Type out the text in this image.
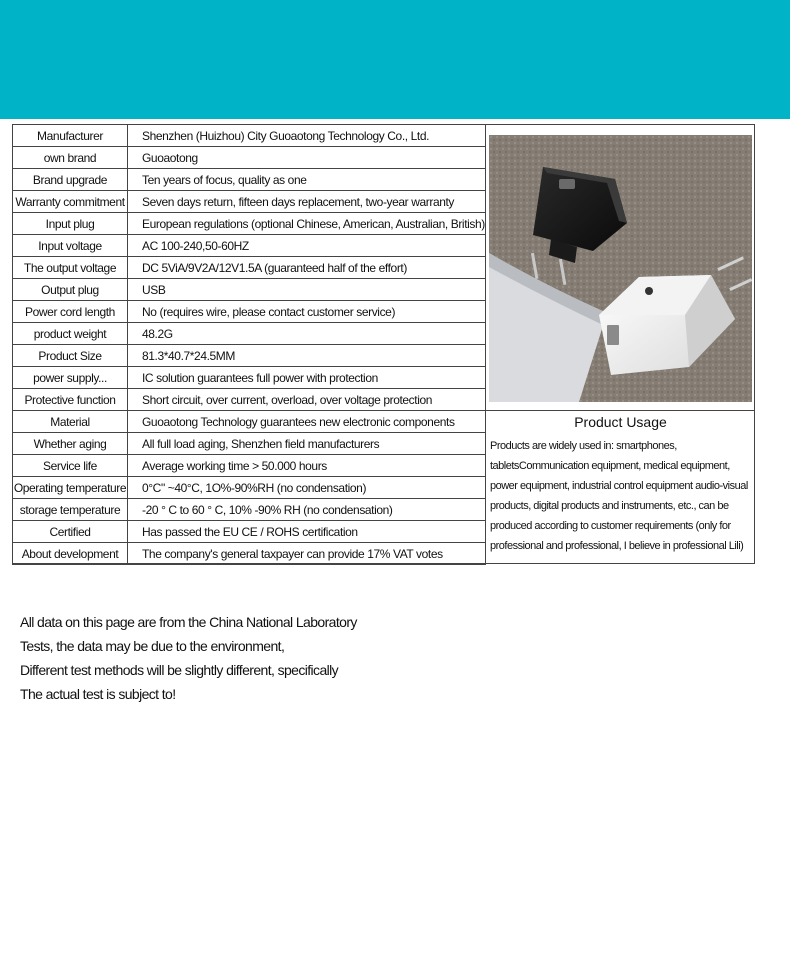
Manufacturer	Shenzhen (Huizhou) City Guoaotong Technology Co., Ltd.
own brand	Guoaotong
Brand upgrade	Ten years of focus, quality as one
Warranty commitment	Seven days return, fifteen days replacement, two-year warranty
Input plug	European regulations (optional Chinese, American, Australian, British)
Input voltage	AC 100-240,50-60HZ
The output voltage	DC 5ViA/9V2A/12V1.5A (guaranteed half of the effort)
Output plug	USB
Power cord length	No (requires wire, please contact customer service)
product weight	48.2G
Product Size	81.3*40.7*24.5MM
power supply...	IC solution guarantees full power with protection
Protective function	Short circuit, over current, overload, over voltage protection
Material	Guoaotong Technology guarantees new electronic components
Whether aging	All full load aging, Shenzhen field manufacturers
Service life	Average working time > 50.000 hours
Operating temperature	0°C" ~40°C, 1O%-90%RH (no condensation)
storage temperature	-20 ° C to 60 ° C, 10% -90% RH (no condensation)
Certified	Has passed the EU CE / ROHS certification
About development	The company's general taxpayer can provide 17% VAT votes
Product Usage
Products are widely used in: smartphones, tabletsCommunication equipment, medical equipment, power equipment, industrial control equipment audio-visual products, digital products and instruments, etc., can be produced according to customer requirements (only for professional and professional, I believe in professional Lili)

All data on this page are from the China National Laboratory

Tests, the data may be due to the environment,

Different test methods will be slightly different, specifically

The actual test is subject to!
